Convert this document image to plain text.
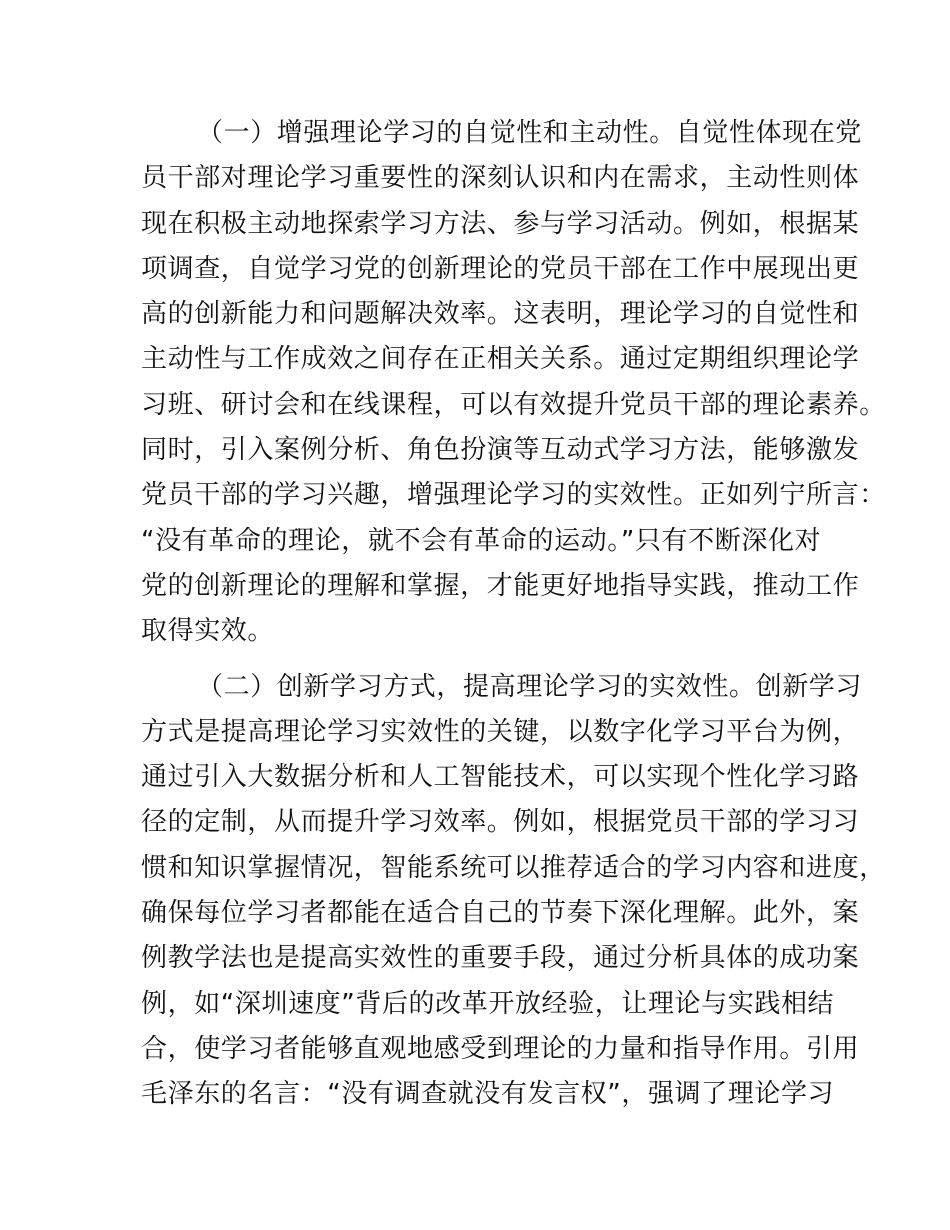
（一）增强理论学习的自觉性和主动性。自觉性体现在党
员干部对理论学习重要性的深刻认识和内在需求，主动性则体
现在积极主动地探索学习方法、参与学习活动。例如，根据某
项调查，自觉学习党的创新理论的党员干部在工作中展现出更
高的创新能力和问题解决效率。这表明，理论学习的自觉性和
主动性与工作成效之间存在正相关关系。通过定期组织理论学
习班、研讨会和在线课程，可以有效提升党员干部的理论素养。
同时，引入案例分析、角色扮演等互动式学习方法，能够激发
党员干部的学习兴趣，增强理论学习的实效性。正如列宁所言：
“没有革命的理论，就不会有革命的运动。”只有不断深化对
党的创新理论的理解和掌握，才能更好地指导实践，推动工作
取得实效。
（二）创新学习方式，提高理论学习的实效性。创新学习
方式是提高理论学习实效性的关键，以数字化学习平台为例，
通过引入大数据分析和人工智能技术，可以实现个性化学习路
径的定制，从而提升学习效率。例如，根据党员干部的学习习
惯和知识掌握情况，智能系统可以推荐适合的学习内容和进度，
确保每位学习者都能在适合自己的节奏下深化理解。此外，案
例教学法也是提高实效性的重要手段，通过分析具体的成功案
例，如“深圳速度”背后的改革开放经验，让理论与实践相结
合，使学习者能够直观地感受到理论的力量和指导作用。引用
毛泽东的名言：“没有调查就没有发言权”，强调了理论学习
